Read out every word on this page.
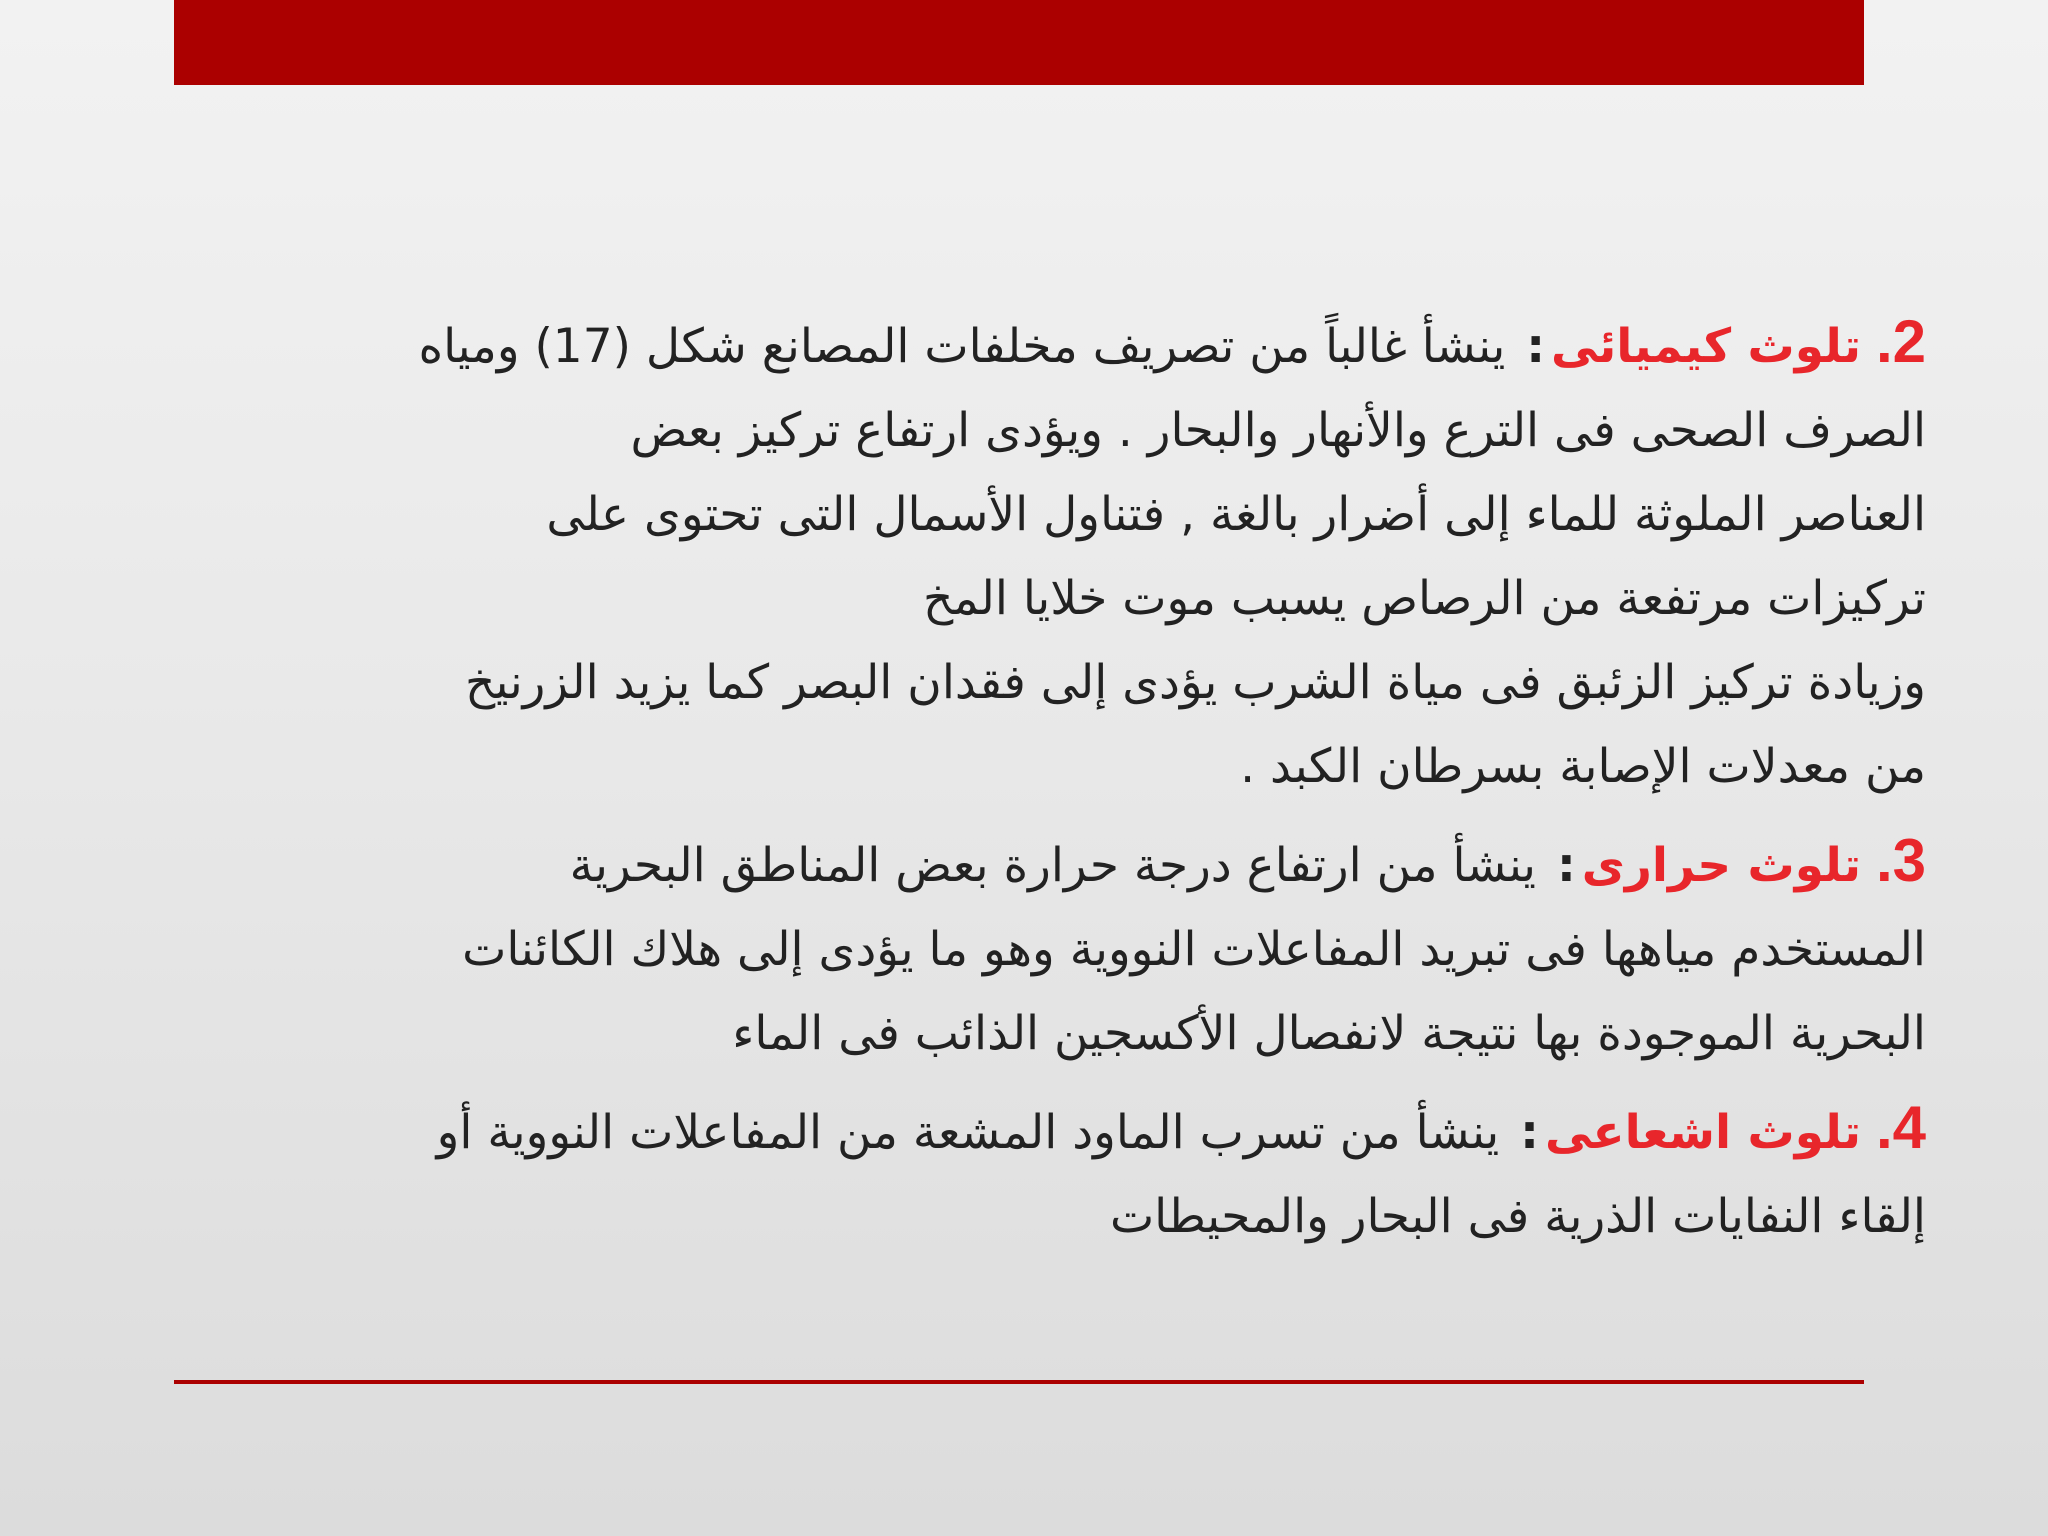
2. تلوث كيميائى: ينشأ غالباً من تصريف مخلفات المصانع شكل (17) ومياه
الصرف الصحى فى الترع والأنهار والبحار . ويؤدى ارتفاع تركيز بعض
العناصر الملوثة للماء إلى أضرار بالغة , فتناول الأسمال التى تحتوى على
تركيزات مرتفعة من الرصاص يسبب موت خلايا المخ
وزيادة تركيز الزئبق فى مياة الشرب يؤدى إلى فقدان البصر كما يزيد الزرنيخ
من معدلات الإصابة بسرطان الكبد .
3. تلوث حرارى: ينشأ من ارتفاع درجة حرارة بعض المناطق البحرية
المستخدم مياهها فى تبريد المفاعلات النووية وهو ما يؤدى إلى هلاك الكائنات
البحرية الموجودة بها نتيجة لانفصال الأكسجين الذائب فى الماء
4. تلوث اشعاعى: ينشأ من تسرب الماود المشعة من المفاعلات النووية أو
إلقاء النفايات الذرية فى البحار والمحيطات
